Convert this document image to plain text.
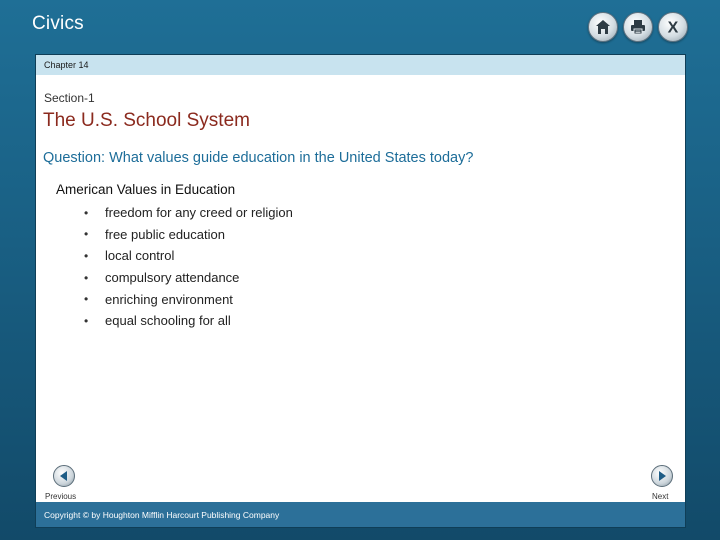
Civics	X
Chapter 14
Section-1
The U.S. School System
Question: What values guide education in the United States today?
American Values in Education
•	freedom for any creed or religion
•	free public education
•	local control
•	compulsory attendance
•	enriching environment
•	equal schooling for all
Previous	Next
Copyright © by Houghton Mifflin Harcourt Publishing Company
